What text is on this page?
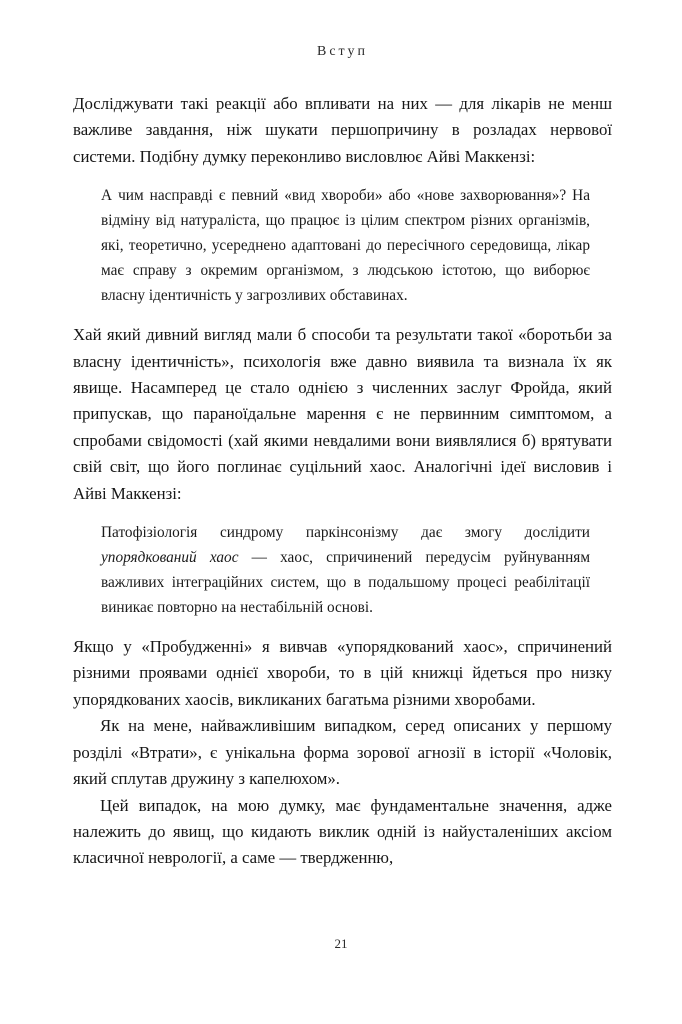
Вступ

Досліджувати такі реакції або впливати на них — для лікарів не менш важливе завдання, ніж шукати першопричину в розладах нервової системи. Подібну думку переконливо висловлює Айві Маккензі:

А чим насправді є певний «вид хвороби» або «нове захворювання»? На відміну від натураліста, що працює із цілим спектром різних організмів, які, теоретично, усереднено адаптовані до пересічного середовища, лікар має справу з окремим організмом, з людською істотою, що виборює власну ідентичність у загрозливих обставинах.

Хай який дивний вигляд мали б способи та результати такої «боротьби за власну ідентичність», психологія вже давно виявила та визнала їх як явище. Насамперед це стало однією з численних заслуг Фройда, який припускав, що параноїдальне марення є не первинним симптомом, а спробами свідомості (хай якими невдалими вони виявлялися б) врятувати свій світ, що його поглинає суцільний хаос. Аналогічні ідеї висловив і Айві Маккензі:

Патофізіологія синдрому паркінсонізму дає змогу дослідити упорядкований хаос — хаос, спричинений передусім руйнуванням важливих інтеграційних систем, що в подальшому процесі реабілітації виникає повторно на нестабільній основі.

Якщо у «Пробудженні» я вивчав «упорядкований хаос», спричинений різними проявами однієї хвороби, то в цій книжці йдеться про низку упорядкованих хаосів, викликаних багатьма різними хворобами.

Як на мене, найважливішим випадком, серед описаних у першому розділі «Втрати», є унікальна форма зорової агнозії в історії «Чоловік, який сплутав дружину з капелюхом».

Цей випадок, на мою думку, має фундаментальне значення, адже належить до явищ, що кидають виклик одній із найусталеніших аксіом класичної неврології, а саме — твердженню,

21
